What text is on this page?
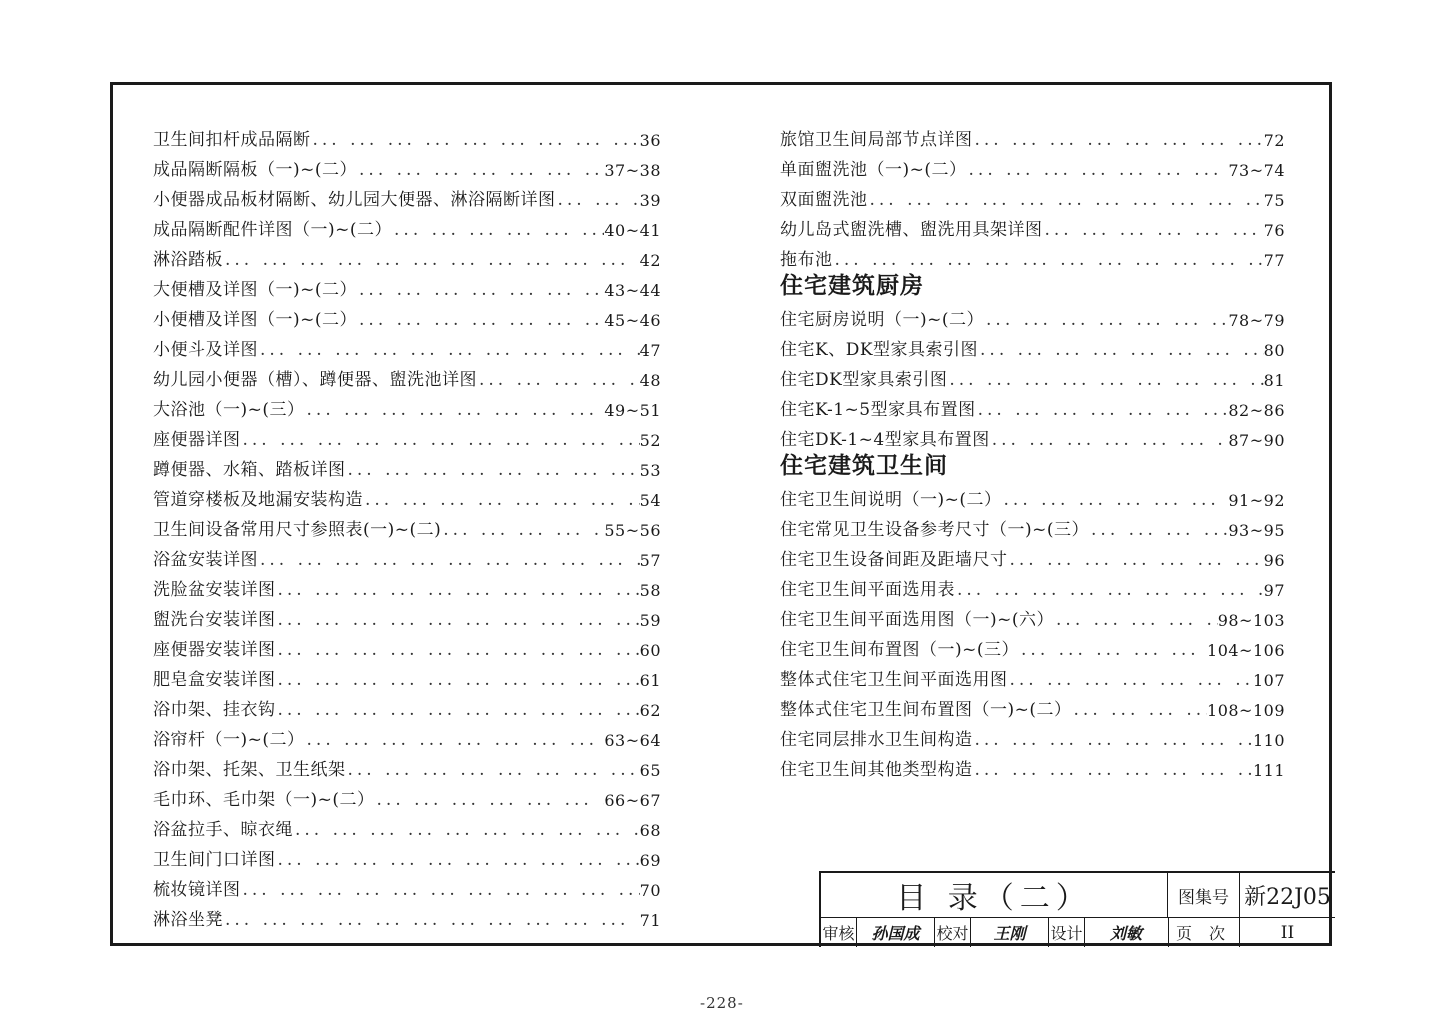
卫生间扣杆成品隔断 ... .	36
成品隔断隔板（一)~(二） ... .	37~38
小便器成品板材隔断、幼儿园大便器、淋浴隔断详图 ... .	39
成品隔断配件详图（一)~(二） ... .	40~41
淋浴踏板 ... .	42
大便槽及详图（一)~(二） ... .	43~44
小便槽及详图（一)~(二） ... .	45~46
小便斗及详图 ... .	47
幼儿园小便器（槽）、蹲便器、盥洗池详图 ... .	48
大浴池（一)~(三） ... .	49~51
座便器详图 ... .	52
蹲便器、水箱、踏板详图 ... .	53
管道穿楼板及地漏安装构造 ... .	54
卫生间设备常用尺寸参照表(一)~(二) ... .	55~56
浴盆安装详图 ... .	57
洗脸盆安装详图 ... .	58
盥洗台安装详图 ... .	59
座便器安装详图 ... .	60
肥皂盒安装详图 ... .	61
浴巾架、挂衣钩 ... .	62
浴帘杆（一)~(二） ... .	63~64
浴巾架、托架、卫生纸架 ... .	65
毛巾环、毛巾架（一)~(二） ... .	66~67
浴盆拉手、晾衣绳 ... .	68
卫生间门口详图 ... .	69
梳妆镜详图 ... .	70
淋浴坐凳 ... .	71
旅馆卫生间局部节点详图 ... .	72
单面盥洗池（一)~(二） ... .	73~74
双面盥洗池 ... .	75
幼儿岛式盥洗槽、盥洗用具架详图 ... .	76
拖布池 ... .	77
住宅建筑厨房
住宅厨房说明（一)~(二） ... .	78~79
住宅K、DK型家具索引图 ... .	80
住宅DK型家具索引图 ... .	81
住宅K-1~5型家具布置图 ... .	82~86
住宅DK-1~4型家具布置图 ... .	87~90
住宅建筑卫生间
住宅卫生间说明（一)~(二） ... .	91~92
住宅常见卫生设备参考尺寸（一)~(三） ... .	93~95
住宅卫生设备间距及距墙尺寸 ... .	96
住宅卫生间平面选用表 ... .	97
住宅卫生间平面选用图（一)~(六） ... .	98~103
住宅卫生间布置图（一)~(三） ... .	104~106
整体式住宅卫生间平面选用图 ... .	107
整体式住宅卫生间布置图（一)~(二） ... .	108~109
住宅同层排水卫生间构造 ... .	110
住宅卫生间其他类型构造 ... .	111
目 录（二）	图集号 新22J05
审核	孙国成	校对	王刚	设计	刘敏	页 次	II
-228-
